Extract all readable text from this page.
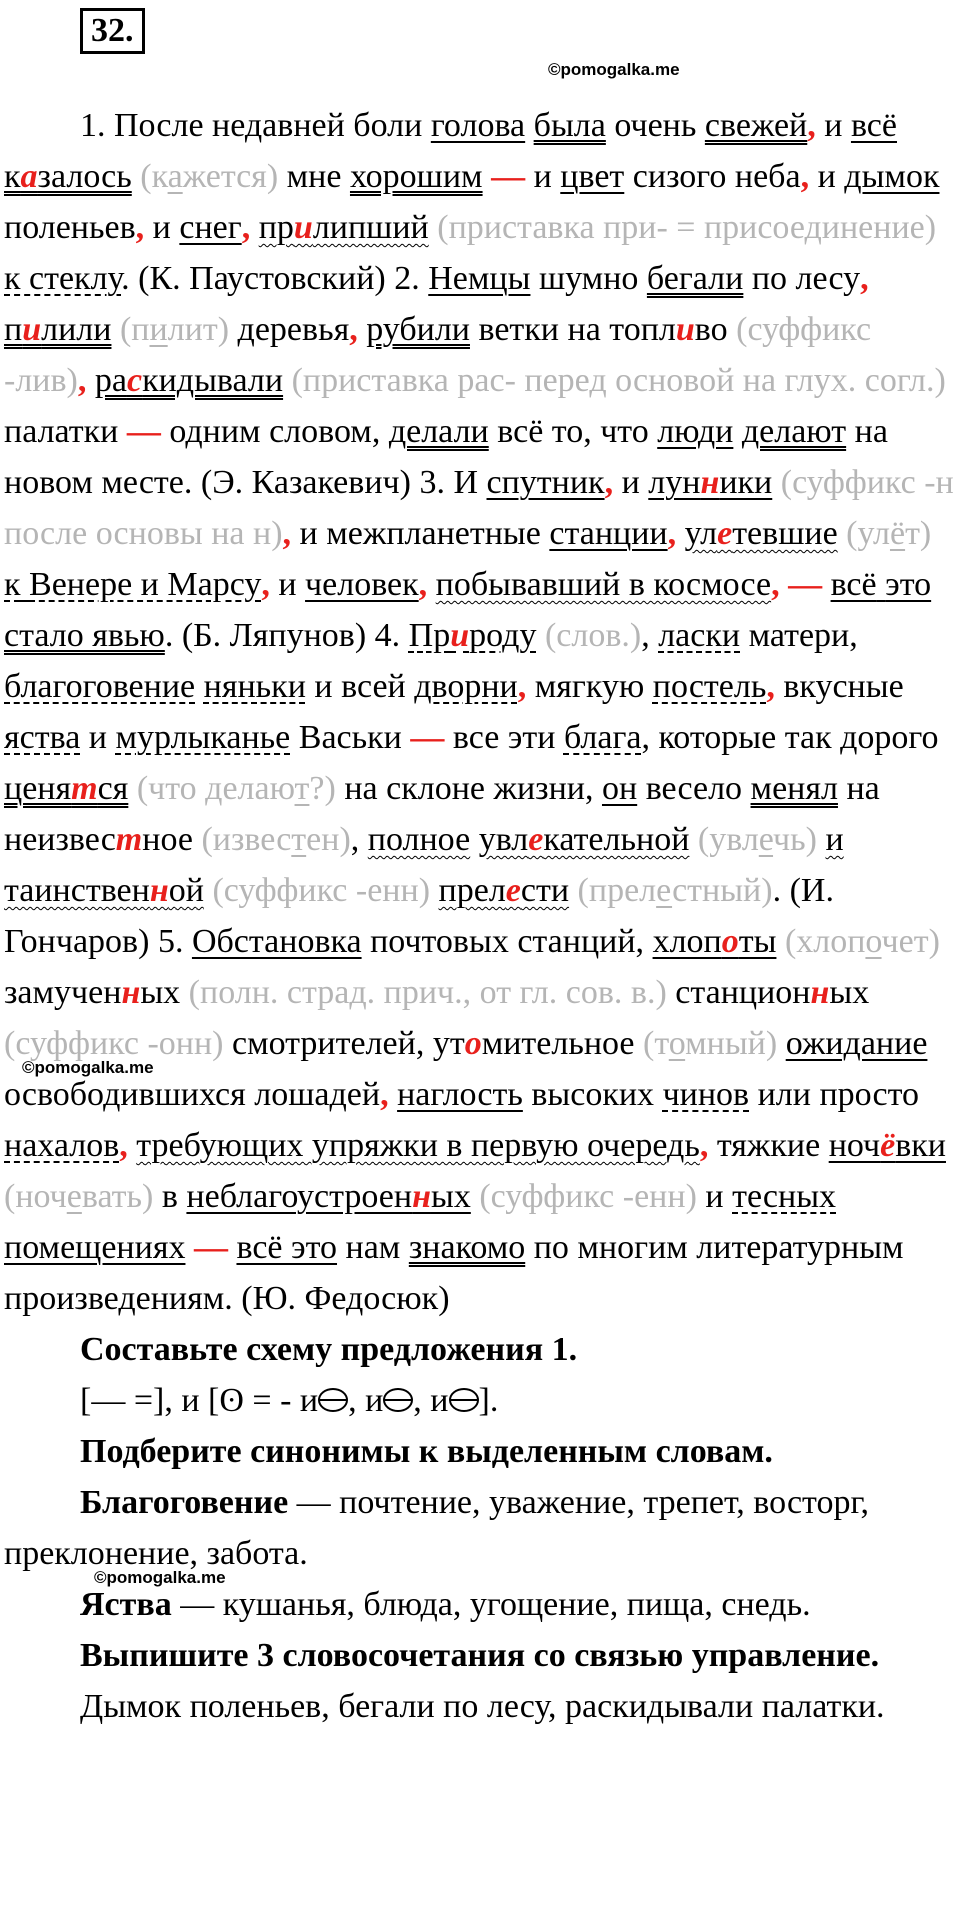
32.
©pomogalka.me
©pomogalka.me
©pomogalka.me

1. После недавней боли голова была очень свежей, и всё казалось (кажется) мне хорошим — и цвет сизого неба, и дымок поленьев, и снег, прилипший (приставка при- = присоединение) к стеклу. (К. Паустовский) 2. Немцы шумно бегали по лесу, пилили (пилит) деревья, рубили ветки на топливо (суффикс -лив), раскидывали (приставка рас- перед основой на глух. согл.) палатки — одним словом, делали всё то, что люди делают на новом месте. (Э. Казакевич) 3. И спутник, и лунники (суффикс -н после основы на н), и межпланетные станции, улетевшие (улёт) к Венере и Марсу, и человек, побывавший в космосе, — всё это стало явью. (Б. Ляпунов) 4. Природу (слов.), ласки матери, благоговение няньки и всей дворни, мягкую постель, вкусные яства и мурлыканье Васьки — все эти блага, которые так дорого ценятся (что делают?) на склоне жизни, он весело менял на неизвестное (известен), полное увлекательной (увлечь) и таинственной (суффикс -енн) прелести (прелестный). (И. Гончаров) 5. Обстановка почтовых станций, хлопоты (хлопочет) замученных (полн. страд. прич., от гл. сов. в.) станционных (суффикс -онн) смотрителей, утомительное (томный) ожидание освободившихся лошадей, наглость высоких чинов или просто нахалов, требующих упряжки в первую очередь, тяжкие ночёвки (ночевать) в неблагоустроенных (суффикс -енн) и тесных помещениях — всё это нам знакомо по многим литературным произведениям. (Ю. Федосюк)

Составьте схему предложения 1.

[— =], и [ʘ = - и , и , и ].

Подберите синонимы к выделенным словам.

Благоговение — почтение, уважение, трепет, восторг, преклонение, забота.

Яства — кушанья, блюда, угощение, пища, снедь.

Выпишите 3 словосочетания со связью управление.

Дымок поленьев, бегали по лесу, раскидывали палатки.
